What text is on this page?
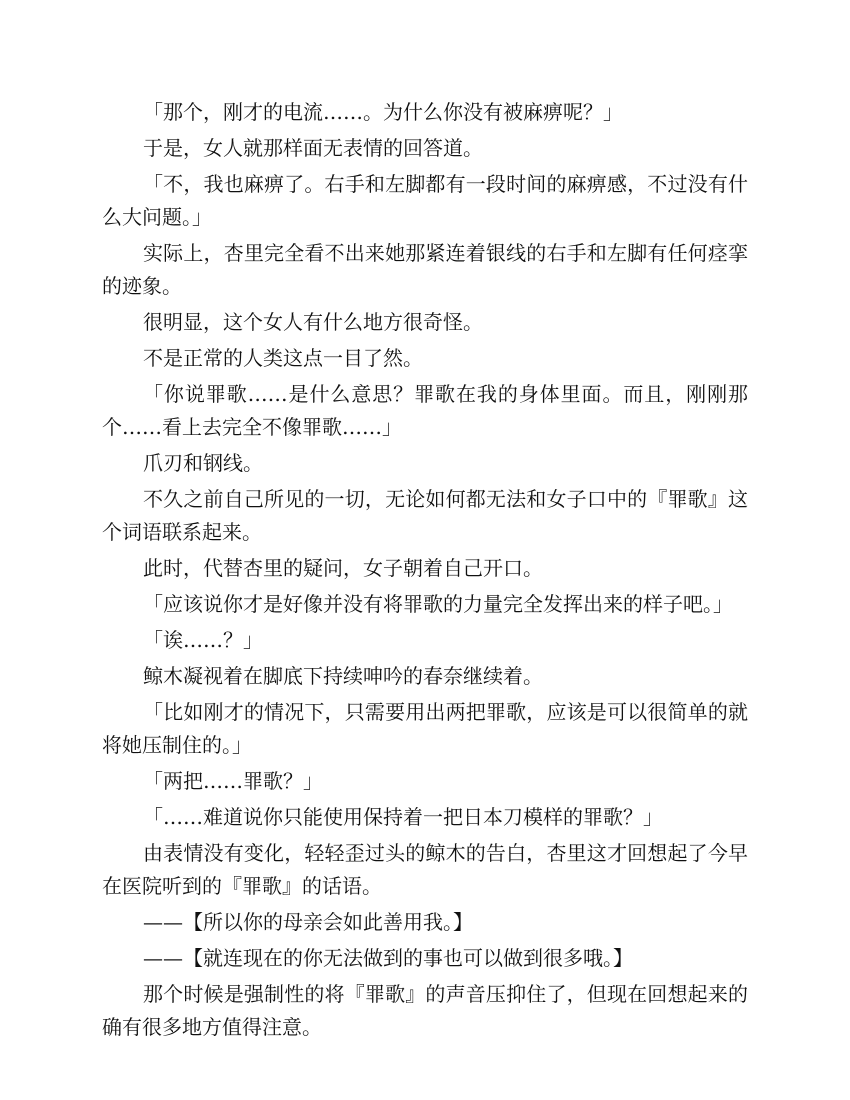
「那个，刚才的电流……。为什么你没有被麻痹呢？」

于是，女人就那样面无表情的回答道。

「不，我也麻痹了。右手和左脚都有一段时间的麻痹感，不过没有什么大问题。」

实际上，杏里完全看不出来她那紧连着银线的右手和左脚有任何痉挛的迹象。

很明显，这个女人有什么地方很奇怪。

不是正常的人类这点一目了然。

「你说罪歌……是什么意思？罪歌在我的身体里面。而且，刚刚那个……看上去完全不像罪歌……」

爪刃和钢线。

不久之前自己所见的一切，无论如何都无法和女子口中的『罪歌』这个词语联系起来。

此时，代替杏里的疑问，女子朝着自己开口。

「应该说你才是好像并没有将罪歌的力量完全发挥出来的样子吧。」

「诶……？」

鲸木凝视着在脚底下持续呻吟的春奈继续着。

「比如刚才的情况下，只需要用出两把罪歌，应该是可以很简单的就将她压制住的。」

「两把……罪歌？」

「……难道说你只能使用保持着一把日本刀模样的罪歌？」

由表情没有变化，轻轻歪过头的鲸木的告白，杏里这才回想起了今早在医院听到的『罪歌』的话语。

——【所以你的母亲会如此善用我。】

——【就连现在的你无法做到的事也可以做到很多哦。】

那个时候是强制性的将『罪歌』的声音压抑住了，但现在回想起来的确有很多地方值得注意。
